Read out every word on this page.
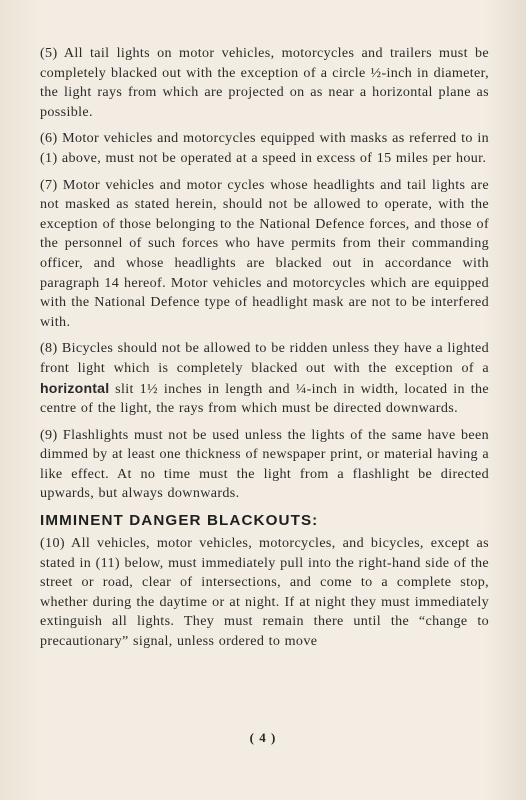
(5) All tail lights on motor vehicles, motorcycles and trailers must be completely blacked out with the exception of a circle ½-inch in diameter, the light rays from which are projected on as near a horizontal plane as possible.

(6) Motor vehicles and motorcycles equipped with masks as referred to in (1) above, must not be operated at a speed in excess of 15 miles per hour.

(7) Motor vehicles and motor cycles whose headlights and tail lights are not masked as stated herein, should not be allowed to operate, with the exception of those belonging to the National Defence forces, and those of the personnel of such forces who have permits from their commanding officer, and whose headlights are blacked out in accordance with paragraph 14 hereof. Motor vehicles and motorcycles which are equipped with the National Defence type of headlight mask are not to be interfered with.

(8) Bicycles should not be allowed to be ridden unless they have a lighted front light which is completely blacked out with the exception of a horizontal slit 1½ inches in length and ¼-inch in width, located in the centre of the light, the rays from which must be directed downwards.

(9) Flashlights must not be used unless the lights of the same have been dimmed by at least one thickness of newspaper print, or material having a like effect. At no time must the light from a flashlight be directed upwards, but always downwards.

IMMINENT DANGER BLACKOUTS:

(10) All vehicles, motor vehicles, motorcycles, and bicycles, except as stated in (11) below, must immediately pull into the right-hand side of the street or road, clear of intersections, and come to a complete stop, whether during the daytime or at night. If at night they must immediately extinguish all lights. They must remain there until the “change to precautionary” signal, unless ordered to move

( 4 )
